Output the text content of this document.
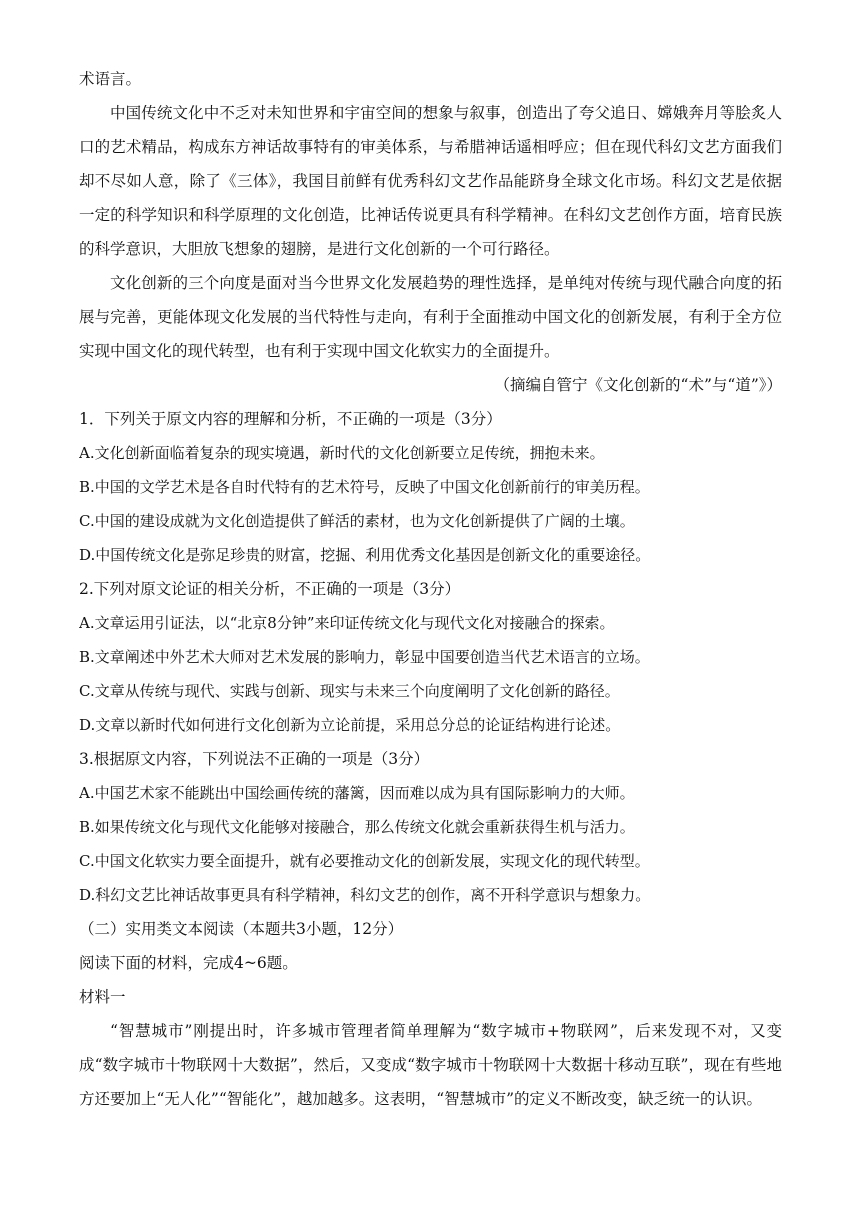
术语言。

中国传统文化中不乏对未知世界和宇宙空间的想象与叙事，创造出了夸父追日、嫦娥奔月等脍炙人口的艺术精品，构成东方神话故事特有的审美体系，与希腊神话遥相呼应；但在现代科幻文艺方面我们却不尽如人意，除了《三体》，我国目前鲜有优秀科幻文艺作品能跻身全球文化市场。科幻文艺是依据一定的科学知识和科学原理的文化创造，比神话传说更具有科学精神。在科幻文艺创作方面，培育民族的科学意识，大胆放飞想象的翅膀，是进行文化创新的一个可行路径。

文化创新的三个向度是面对当今世界文化发展趋势的理性选择，是单纯对传统与现代融合向度的拓展与完善，更能体现文化发展的当代特性与走向，有利于全面推动中国文化的创新发展，有利于全方位实现中国文化的现代转型，也有利于实现中国文化软实力的全面提升。

（摘编自管宁《文化创新的“术”与“道”》）
1．下列关于原文内容的理解和分析，不正确的一项是（3分）
A.文化创新面临着复杂的现实境遇，新时代的文化创新要立足传统，拥抱未来。
B.中国的文学艺术是各自时代特有的艺术符号，反映了中国文化创新前行的审美历程。
C.中国的建设成就为文化创造提供了鲜活的素材，也为文化创新提供了广阔的土壤。
D.中国传统文化是弥足珍贵的财富，挖掘、利用优秀文化基因是创新文化的重要途径。
2.下列对原文论证的相关分析，不正确的一项是（3分）
A.文章运用引证法，以“北京8分钟”来印证传统文化与现代文化对接融合的探索。
B.文章阐述中外艺术大师对艺术发展的影响力，彰显中国要创造当代艺术语言的立场。
C.文章从传统与现代、实践与创新、现实与未来三个向度阐明了文化创新的路径。
D.文章以新时代如何进行文化创新为立论前提，采用总分总的论证结构进行论述。
3.根据原文内容，下列说法不正确的一项是（3分）
A.中国艺术家不能跳出中国绘画传统的藩篱，因而难以成为具有国际影响力的大师。
B.如果传统文化与现代文化能够对接融合，那么传统文化就会重新获得生机与活力。
C.中国文化软实力要全面提升，就有必要推动文化的创新发展，实现文化的现代转型。
D.科幻文艺比神话故事更具有科学精神，科幻文艺的创作，离不开科学意识与想象力。
（二）实用类文本阅读（本题共3小题，12分）
阅读下面的材料，完成4~6题。
材料一

“智慧城市”刚提出时，许多城市管理者简单理解为“数字城市+物联网”，后来发现不对，又变成“数字城市十物联网十大数据”，然后，又变成“数字城市十物联网十大数据十移动互联”，现在有些地方还要加上“无人化”“智能化”，越加越多。这表明，“智慧城市”的定义不断改变，缺乏统一的认识。
